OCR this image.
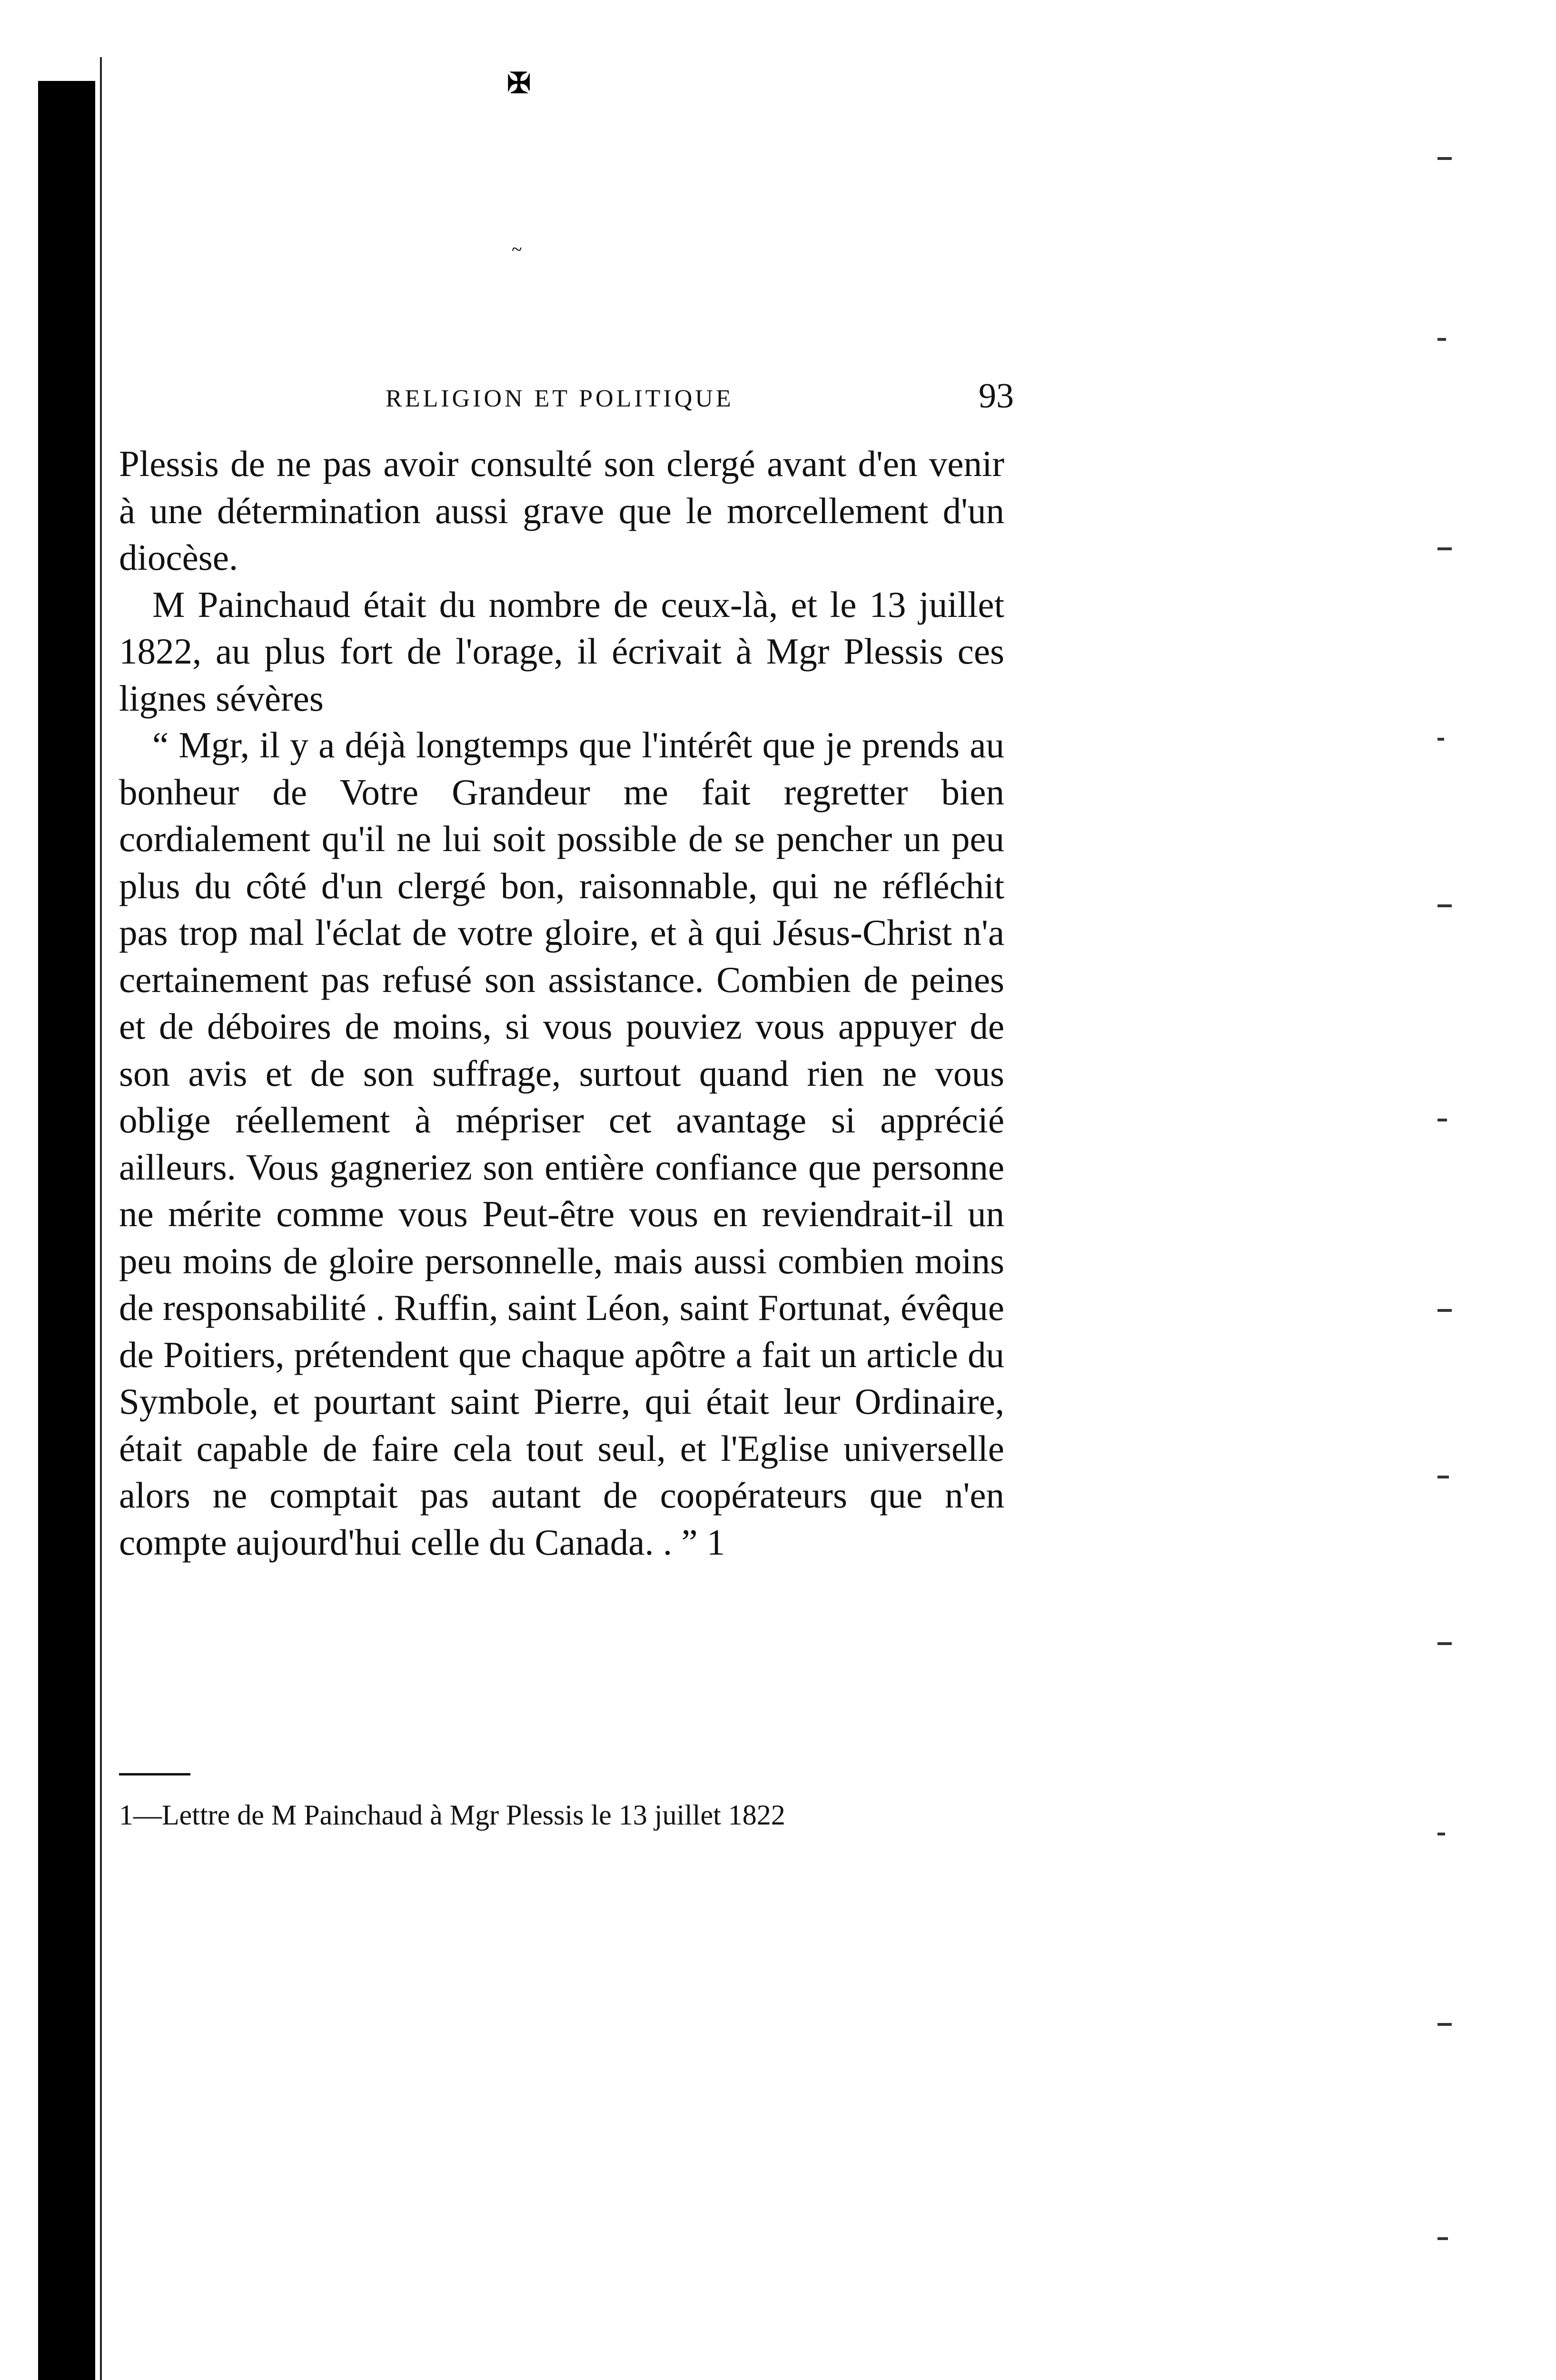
✠
~
RELIGION ET POLITIQUE	93

Plessis de ne pas avoir consulté son clergé avant d'en venir à une détermination aussi grave que le morcellement d'un diocèse.

M Painchaud était du nombre de ceux-là, et le 13 juillet 1822, au plus fort de l'orage, il écrivait à Mgr Plessis ces lignes sévères

“ Mgr, il y a déjà longtemps que l'intérêt que je prends au bonheur de Votre Grandeur me fait regretter bien cordialement qu'il ne lui soit possible de se pencher un peu plus du côté d'un clergé bon, raisonnable, qui ne réfléchit pas trop mal l'éclat de votre gloire, et à qui Jésus-Christ n'a certainement pas refusé son assistance. Combien de peines et de déboires de moins, si vous pouviez vous appuyer de son avis et de son suffrage, surtout quand rien ne vous oblige réellement à mépriser cet avantage si apprécié ailleurs. Vous gagneriez son entière confiance que personne ne mérite comme vous Peut-être vous en reviendrait-il un peu moins de gloire personnelle, mais aussi combien moins de responsabilité . Ruffin, saint Léon, saint Fortunat, évêque de Poitiers, prétendent que chaque apôtre a fait un article du Symbole, et pourtant saint Pierre, qui était leur Ordinaire, était capable de faire cela tout seul, et l'Eglise universelle alors ne comptait pas autant de coopérateurs que n'en compte aujourd'hui celle du Canada. . ” 1

•
1—Lettre de M Painchaud à Mgr Plessis le 13 juillet 1822
